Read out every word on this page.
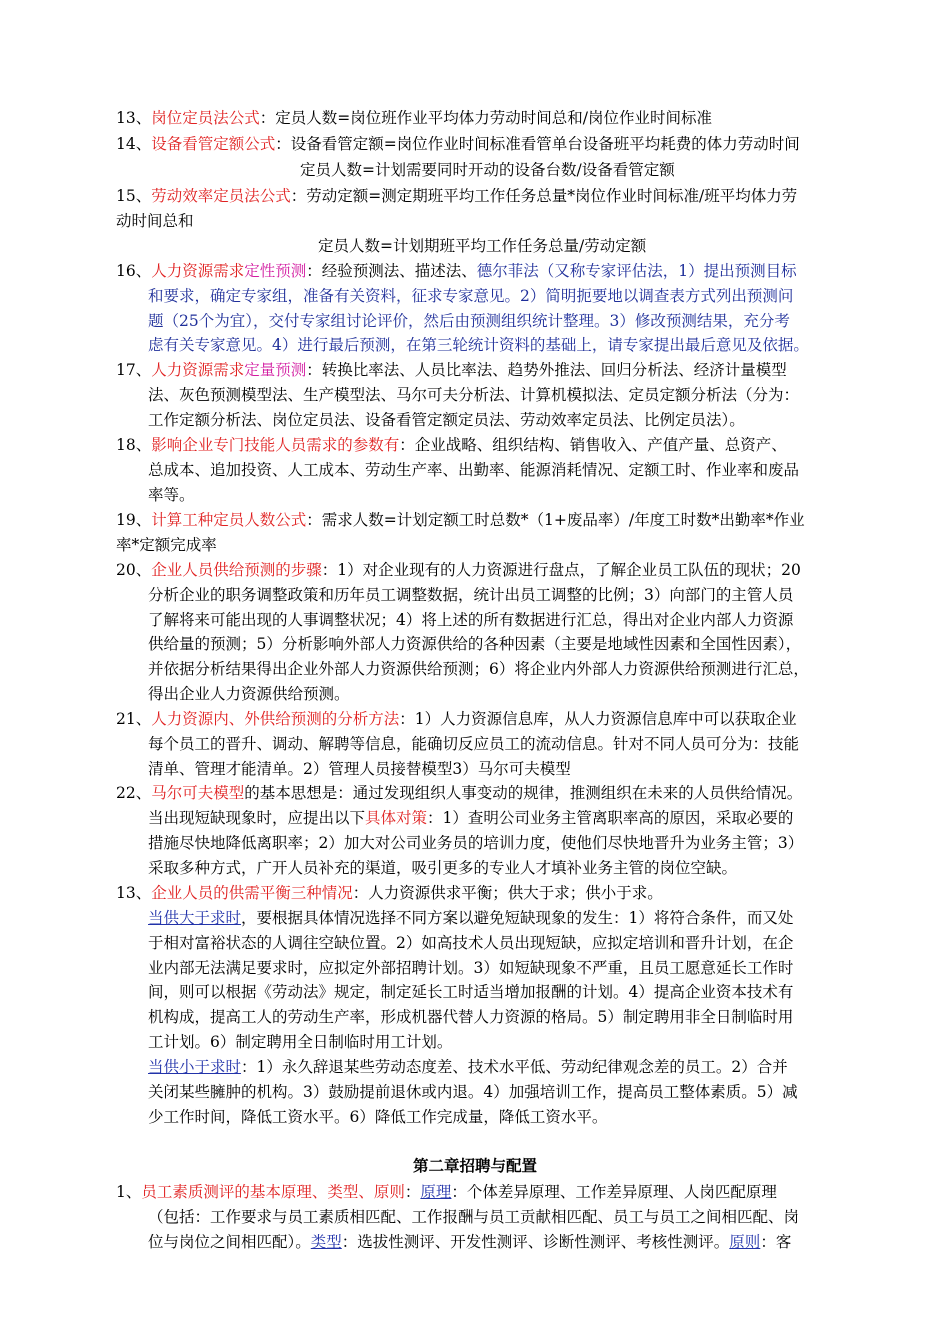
13、岗位定员法公式：定员人数=岗位班作业平均体力劳动时间总和/岗位作业时间标准
14、设备看管定额公式：设备看管定额=岗位作业时间标准看管单台设备班平均耗费的体力劳动时间
定员人数=计划需要同时开动的设备台数/设备看管定额
15、劳动效率定员法公式：劳动定额=测定期班平均工作任务总量*岗位作业时间标准/班平均体力劳
动时间总和
定员人数=计划期班平均工作任务总量/劳动定额
16、人力资源需求定性预测：经验预测法、描述法、德尔菲法（又称专家评估法，1）提出预测目标
和要求，确定专家组，准备有关资料，征求专家意见。2）简明扼要地以调查表方式列出预测问
题（25个为宜），交付专家组讨论评价，然后由预测组织统计整理。3）修改预测结果，充分考
虑有关专家意见。4）进行最后预测，在第三轮统计资料的基础上，请专家提出最后意见及依据。
17、人力资源需求定量预测：转换比率法、人员比率法、趋势外推法、回归分析法、经济计量模型
法、灰色预测模型法、生产模型法、马尔可夫分析法、计算机模拟法、定员定额分析法（分为：
工作定额分析法、岗位定员法、设备看管定额定员法、劳动效率定员法、比例定员法）。
18、影响企业专门技能人员需求的参数有：企业战略、组织结构、销售收入、产值产量、总资产、
总成本、追加投资、人工成本、劳动生产率、出勤率、能源消耗情况、定额工时、作业率和废品
率等。
19、计算工种定员人数公式：需求人数=计划定额工时总数*（1+废品率）/年度工时数*出勤率*作业
率*定额完成率
20、企业人员供给预测的步骤：1）对企业现有的人力资源进行盘点，了解企业员工队伍的现状；20
分析企业的职务调整政策和历年员工调整数据，统计出员工调整的比例；3）向部门的主管人员
了解将来可能出现的人事调整状况；4）将上述的所有数据进行汇总，得出对企业内部人力资源
供给量的预测；5）分析影响外部人力资源供给的各种因素（主要是地域性因素和全国性因素），
并依据分析结果得出企业外部人力资源供给预测；6）将企业内外部人力资源供给预测进行汇总，
得出企业人力资源供给预测。
21、人力资源内、外供给预测的分析方法：1）人力资源信息库，从人力资源信息库中可以获取企业
每个员工的晋升、调动、解聘等信息，能确切反应员工的流动信息。针对不同人员可分为：技能
清单、管理才能清单。2）管理人员接替模型3）马尔可夫模型
22、马尔可夫模型的基本思想是：通过发现组织人事变动的规律，推测组织在未来的人员供给情况。
当出现短缺现象时，应提出以下具体对策：1）查明公司业务主管离职率高的原因，采取必要的
措施尽快地降低离职率；2）加大对公司业务员的培训力度，使他们尽快地晋升为业务主管；3）
采取多种方式，广开人员补充的渠道，吸引更多的专业人才填补业务主管的岗位空缺。
13、企业人员的供需平衡三种情况：人力资源供求平衡；供大于求；供小于求。
当供大于求时，要根据具体情况选择不同方案以避免短缺现象的发生：1）将符合条件，而又处
于相对富裕状态的人调往空缺位置。2）如高技术人员出现短缺，应拟定培训和晋升计划，在企
业内部无法满足要求时，应拟定外部招聘计划。3）如短缺现象不严重，且员工愿意延长工作时
间，则可以根据《劳动法》规定，制定延长工时适当增加报酬的计划。4）提高企业资本技术有
机构成，提高工人的劳动生产率，形成机器代替人力资源的格局。5）制定聘用非全日制临时用
工计划。6）制定聘用全日制临时用工计划。
当供小于求时：1）永久辞退某些劳动态度差、技术水平低、劳动纪律观念差的员工。2）合并
关闭某些臃肿的机构。3）鼓励提前退休或内退。4）加强培训工作，提高员工整体素质。5）减
少工作时间，降低工资水平。6）降低工作完成量，降低工资水平。
第二章招聘与配置
1、员工素质测评的基本原理、类型、原则：原理：个体差异原理、工作差异原理、人岗匹配原理
（包括：工作要求与员工素质相匹配、工作报酬与员工贡献相匹配、员工与员工之间相匹配、岗
位与岗位之间相匹配）。类型：选拔性测评、开发性测评、诊断性测评、考核性测评。原则：客
